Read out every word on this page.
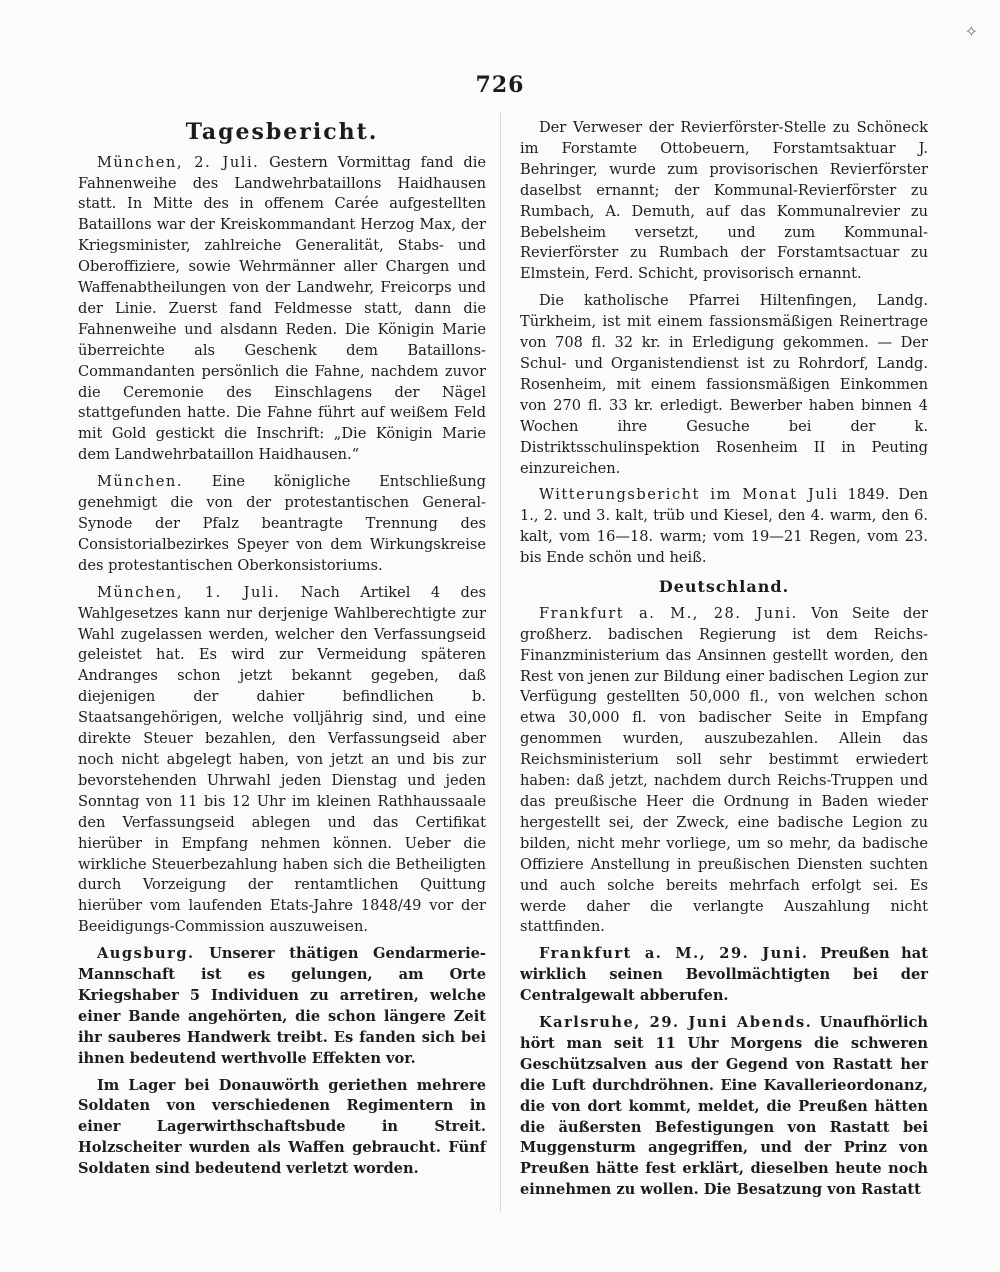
✧
726
Tagesbericht.

München, 2. Juli. Gestern Vormittag fand die Fahnenweihe des Landwehrbataillons Haidhausen statt. In Mitte des in offenem Carée aufgestellten Bataillons war der Kreiskommandant Herzog Max, der Kriegsminister, zahlreiche Generalität, Stabs- und Oberoffiziere, sowie Wehrmänner aller Chargen und Waffenabtheilungen von der Landwehr, Freicorps und der Linie. Zuerst fand Feldmesse statt, dann die Fahnenweihe und alsdann Reden. Die Königin Marie überreichte als Geschenk dem Bataillons-Commandanten persönlich die Fahne, nachdem zuvor die Ceremonie des Einschlagens der Nägel stattgefunden hatte. Die Fahne führt auf weißem Feld mit Gold gestickt die Inschrift: „Die Königin Marie dem Landwehrbataillon Haidhausen.“

München. Eine königliche Entschließung genehmigt die von der protestantischen General-Synode der Pfalz beantragte Trennung des Consistorialbezirkes Speyer von dem Wirkungskreise des protestantischen Oberkonsistoriums.

München, 1. Juli. Nach Artikel 4 des Wahlgesetzes kann nur derjenige Wahlberechtigte zur Wahl zugelassen werden, welcher den Verfassungseid geleistet hat. Es wird zur Vermeidung späteren Andranges schon jetzt bekannt gegeben, daß diejenigen der dahier befindlichen b. Staatsangehörigen, welche volljährig sind, und eine direkte Steuer bezahlen, den Verfassungseid aber noch nicht abgelegt haben, von jetzt an und bis zur bevorstehenden Uhrwahl jeden Dienstag und jeden Sonntag von 11 bis 12 Uhr im kleinen Rathhaussaale den Verfassungseid ablegen und das Certifikat hierüber in Empfang nehmen können. Ueber die wirkliche Steuerbezahlung haben sich die Betheiligten durch Vorzeigung der rentamtlichen Quittung hierüber vom laufenden Etats-Jahre 1848/49 vor der Beeidigungs-Commission auszuweisen.

Augsburg. Unserer thätigen Gendarmerie-Mannschaft ist es gelungen, am Orte Kriegshaber 5 Individuen zu arretiren, welche einer Bande angehörten, die schon längere Zeit ihr sauberes Handwerk treibt. Es fanden sich bei ihnen bedeutend werthvolle Effekten vor.

Im Lager bei Donauwörth geriethen mehrere Soldaten von verschiedenen Regimentern in einer Lagerwirthschaftsbude in Streit. Holzscheiter wurden als Waffen gebraucht. Fünf Soldaten sind bedeutend verletzt worden.

Der Verweser der Revierförster-Stelle zu Schöneck im Forstamte Ottobeuern, Forstamtsaktuar J. Behringer, wurde zum provisorischen Revierförster daselbst ernannt; der Kommunal-Revierförster zu Rumbach, A. Demuth, auf das Kommunalrevier zu Bebelsheim versetzt, und zum Kommunal-Revierförster zu Rumbach der Forstamtsactuar zu Elmstein, Ferd. Schicht, provisorisch ernannt.

Die katholische Pfarrei Hiltenfingen, Landg. Türkheim, ist mit einem fassionsmäßigen Reinertrage von 708 fl. 32 kr. in Erledigung gekommen. — Der Schul- und Organistendienst ist zu Rohrdorf, Landg. Rosenheim, mit einem fassionsmäßigen Einkommen von 270 fl. 33 kr. erledigt. Bewerber haben binnen 4 Wochen ihre Gesuche bei der k. Distriktsschulinspektion Rosenheim II in Peuting einzureichen.

Witterungsbericht im Monat Juli 1849. Den 1., 2. und 3. kalt, trüb und Kiesel, den 4. warm, den 6. kalt, vom 16—18. warm; vom 19—21 Regen, vom 23. bis Ende schön und heiß.

Deutschland.

Frankfurt a. M., 28. Juni. Von Seite der großherz. badischen Regierung ist dem Reichs-Finanzministerium das Ansinnen gestellt worden, den Rest von jenen zur Bildung einer badischen Legion zur Verfügung gestellten 50,000 fl., von welchen schon etwa 30,000 fl. von badischer Seite in Empfang genommen wurden, auszubezahlen. Allein das Reichsministerium soll sehr bestimmt erwiedert haben: daß jetzt, nachdem durch Reichs-Truppen und das preußische Heer die Ordnung in Baden wieder hergestellt sei, der Zweck, eine badische Legion zu bilden, nicht mehr vorliege, um so mehr, da badische Offiziere Anstellung in preußischen Diensten suchten und auch solche bereits mehrfach erfolgt sei. Es werde daher die verlangte Auszahlung nicht stattfinden.

Frankfurt a. M., 29. Juni. Preußen hat wirklich seinen Bevollmächtigten bei der Centralgewalt abberufen.

Karlsruhe, 29. Juni Abends. Unaufhörlich hört man seit 11 Uhr Morgens die schweren Geschützsalven aus der Gegend von Rastatt her die Luft durchdröhnen. Eine Kavallerieordonanz, die von dort kommt, meldet, die Preußen hätten die äußersten Befestigungen von Rastatt bei Muggensturm angegriffen, und der Prinz von Preußen hätte fest erklärt, dieselben heute noch einnehmen zu wollen. Die Besatzung von Rastatt
